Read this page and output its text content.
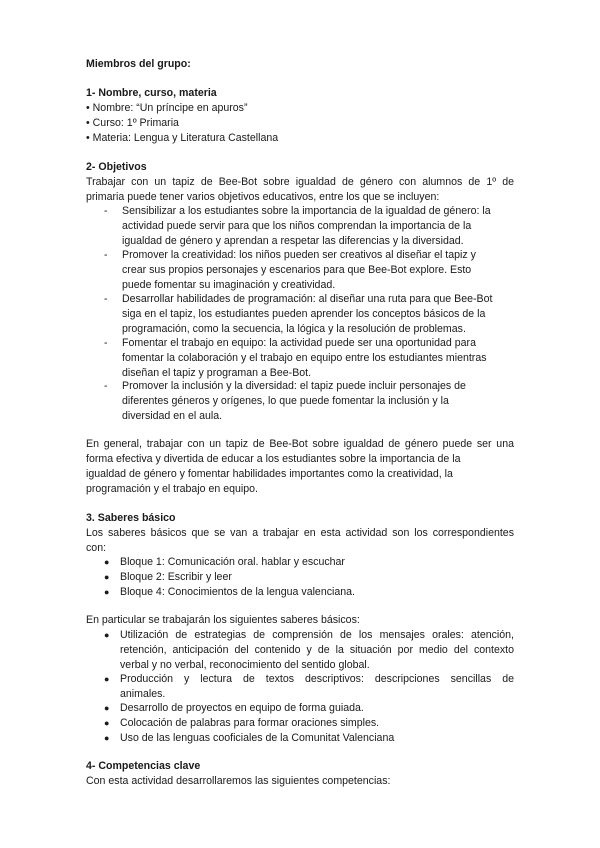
Miembros del grupo:
1- Nombre, curso, materia
• Nombre: “Un príncipe en apuros”
• Curso: 1º Primaria
• Materia: Lengua y Literatura Castellana
2- Objetivos
Trabajar con un tapiz de Bee-Bot sobre igualdad de género con alumnos de 1º de
primaria puede tener varios objetivos educativos, entre los que se incluyen:
- Sensibilizar a los estudiantes sobre la importancia de la igualdad de género: la
actividad puede servir para que los niños comprendan la importancia de la
igualdad de género y aprendan a respetar las diferencias y la diversidad.
- Promover la creatividad: los niños pueden ser creativos al diseñar el tapiz y
crear sus propios personajes y escenarios para que Bee-Bot explore. Esto
puede fomentar su imaginación y creatividad.
- Desarrollar habilidades de programación: al diseñar una ruta para que Bee-Bot
siga en el tapiz, los estudiantes pueden aprender los conceptos básicos de la
programación, como la secuencia, la lógica y la resolución de problemas.
- Fomentar el trabajo en equipo: la actividad puede ser una oportunidad para
fomentar la colaboración y el trabajo en equipo entre los estudiantes mientras
diseñan el tapiz y programan a Bee-Bot.
- Promover la inclusión y la diversidad: el tapiz puede incluir personajes de
diferentes géneros y orígenes, lo que puede fomentar la inclusión y la
diversidad en el aula.
En general, trabajar con un tapiz de Bee-Bot sobre igualdad de género puede ser una
forma efectiva y divertida de educar a los estudiantes sobre la importancia de la
igualdad de género y fomentar habilidades importantes como la creatividad, la
programación y el trabajo en equipo.
3. Saberes básico
Los saberes básicos que se van a trabajar en esta actividad son los correspondientes
con:
● Bloque 1: Comunicación oral. hablar y escuchar
● Bloque 2: Escribir y leer
● Bloque 4: Conocimientos de la lengua valenciana.
En particular se trabajarán los siguientes saberes básicos:
● Utilización de estrategias de comprensión de los mensajes orales: atención,
retención, anticipación del contenido y de la situación por medio del contexto
verbal y no verbal, reconocimiento del sentido global.
● Producción y lectura de textos descriptivos: descripciones sencillas de
animales.
● Desarrollo de proyectos en equipo de forma guiada.
● Colocación de palabras para formar oraciones simples.
● Uso de las lenguas cooficiales de la Comunitat Valenciana
4- Competencias clave
Con esta actividad desarrollaremos las siguientes competencias:
